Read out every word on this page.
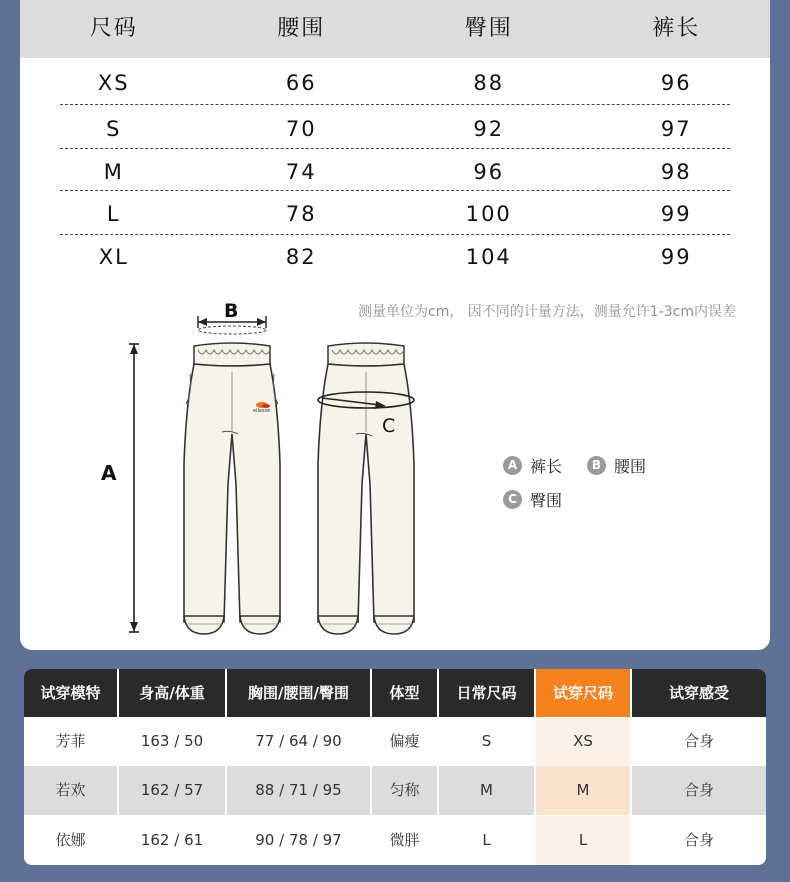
尺码	腰围	臀围	裤长
XS	66	88	96
S	70	92	97
M	74	96	98
L	78	100	99
XL	82	104	99
测量单位为cm， 因不同的计量方法，测量允许1-3cm内误差
A
B
ellesse
C
A 裤长	B 腰围
C 臀围
试穿模特	身高/体重	胸围/腰围/臀围	体型	日常尺码	试穿尺码	试穿感受
芳菲	163 / 50	77 / 64 / 90	偏瘦	S	XS	合身
若欢	162 / 57	88 / 71 / 95	匀称	M	M	合身
依娜	162 / 61	90 / 78 / 97	微胖	L	L	合身
